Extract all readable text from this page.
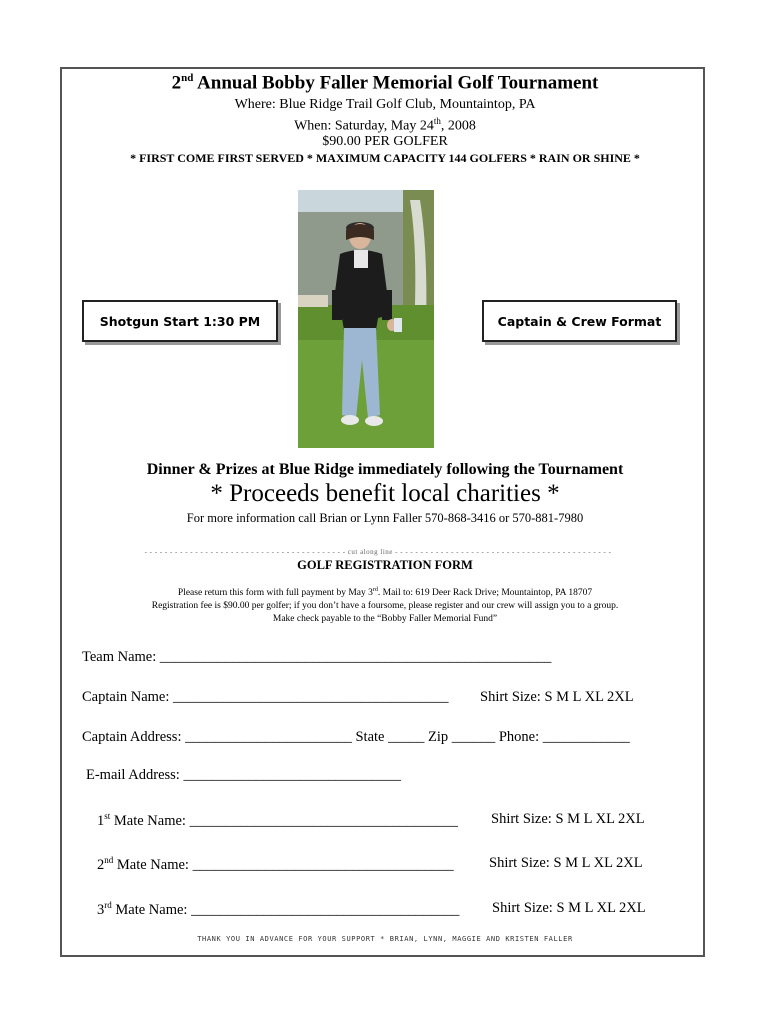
2nd Annual Bobby Faller Memorial Golf Tournament
Where: Blue Ridge Trail Golf Club, Mountaintop, PA
When: Saturday, May 24th, 2008
$90.00 PER GOLFER
* FIRST COME FIRST SERVED * MAXIMUM CAPACITY 144 GOLFERS * RAIN OR SHINE *
Shotgun Start 1:30 PM	Captain & Crew Format
Dinner & Prizes at Blue Ridge immediately following the Tournament
* Proceeds benefit local charities *
For more information call Brian or Lynn Faller 570-868-3416 or 570-881-7980
- - - - - - - - - - - - - - - - - - - - - - - - - - - - - - - - - - - - - - - - cut along line - - - - - - - - - - - - - - - - - - - - - - - - - - - - - - - - - - - - - - - - - - -
GOLF REGISTRATION FORM
Please return this form with full payment by May 3rd. Mail to: 619 Deer Rack Drive; Mountaintop, PA 18707
Registration fee is $90.00 per golfer; if you don’t have a foursome, please register and our crew will assign you to a group.
Make check payable to the “Bobby Faller Memorial Fund”
Team Name: ______________________________________________________
Captain Name: ______________________________________ Shirt Size: S M L XL 2XL
Captain Address: _______________________ State _____ Zip ______ Phone: ____________
E-mail Address: ______________________________
1st Mate Name: _____________________________________ Shirt Size: S M L XL 2XL
2nd Mate Name: ____________________________________ Shirt Size: S M L XL 2XL
3rd Mate Name: _____________________________________ Shirt Size: S M L XL 2XL
THANK YOU IN ADVANCE FOR YOUR SUPPORT * BRIAN, LYNN, MAGGIE AND KRISTEN FALLER
